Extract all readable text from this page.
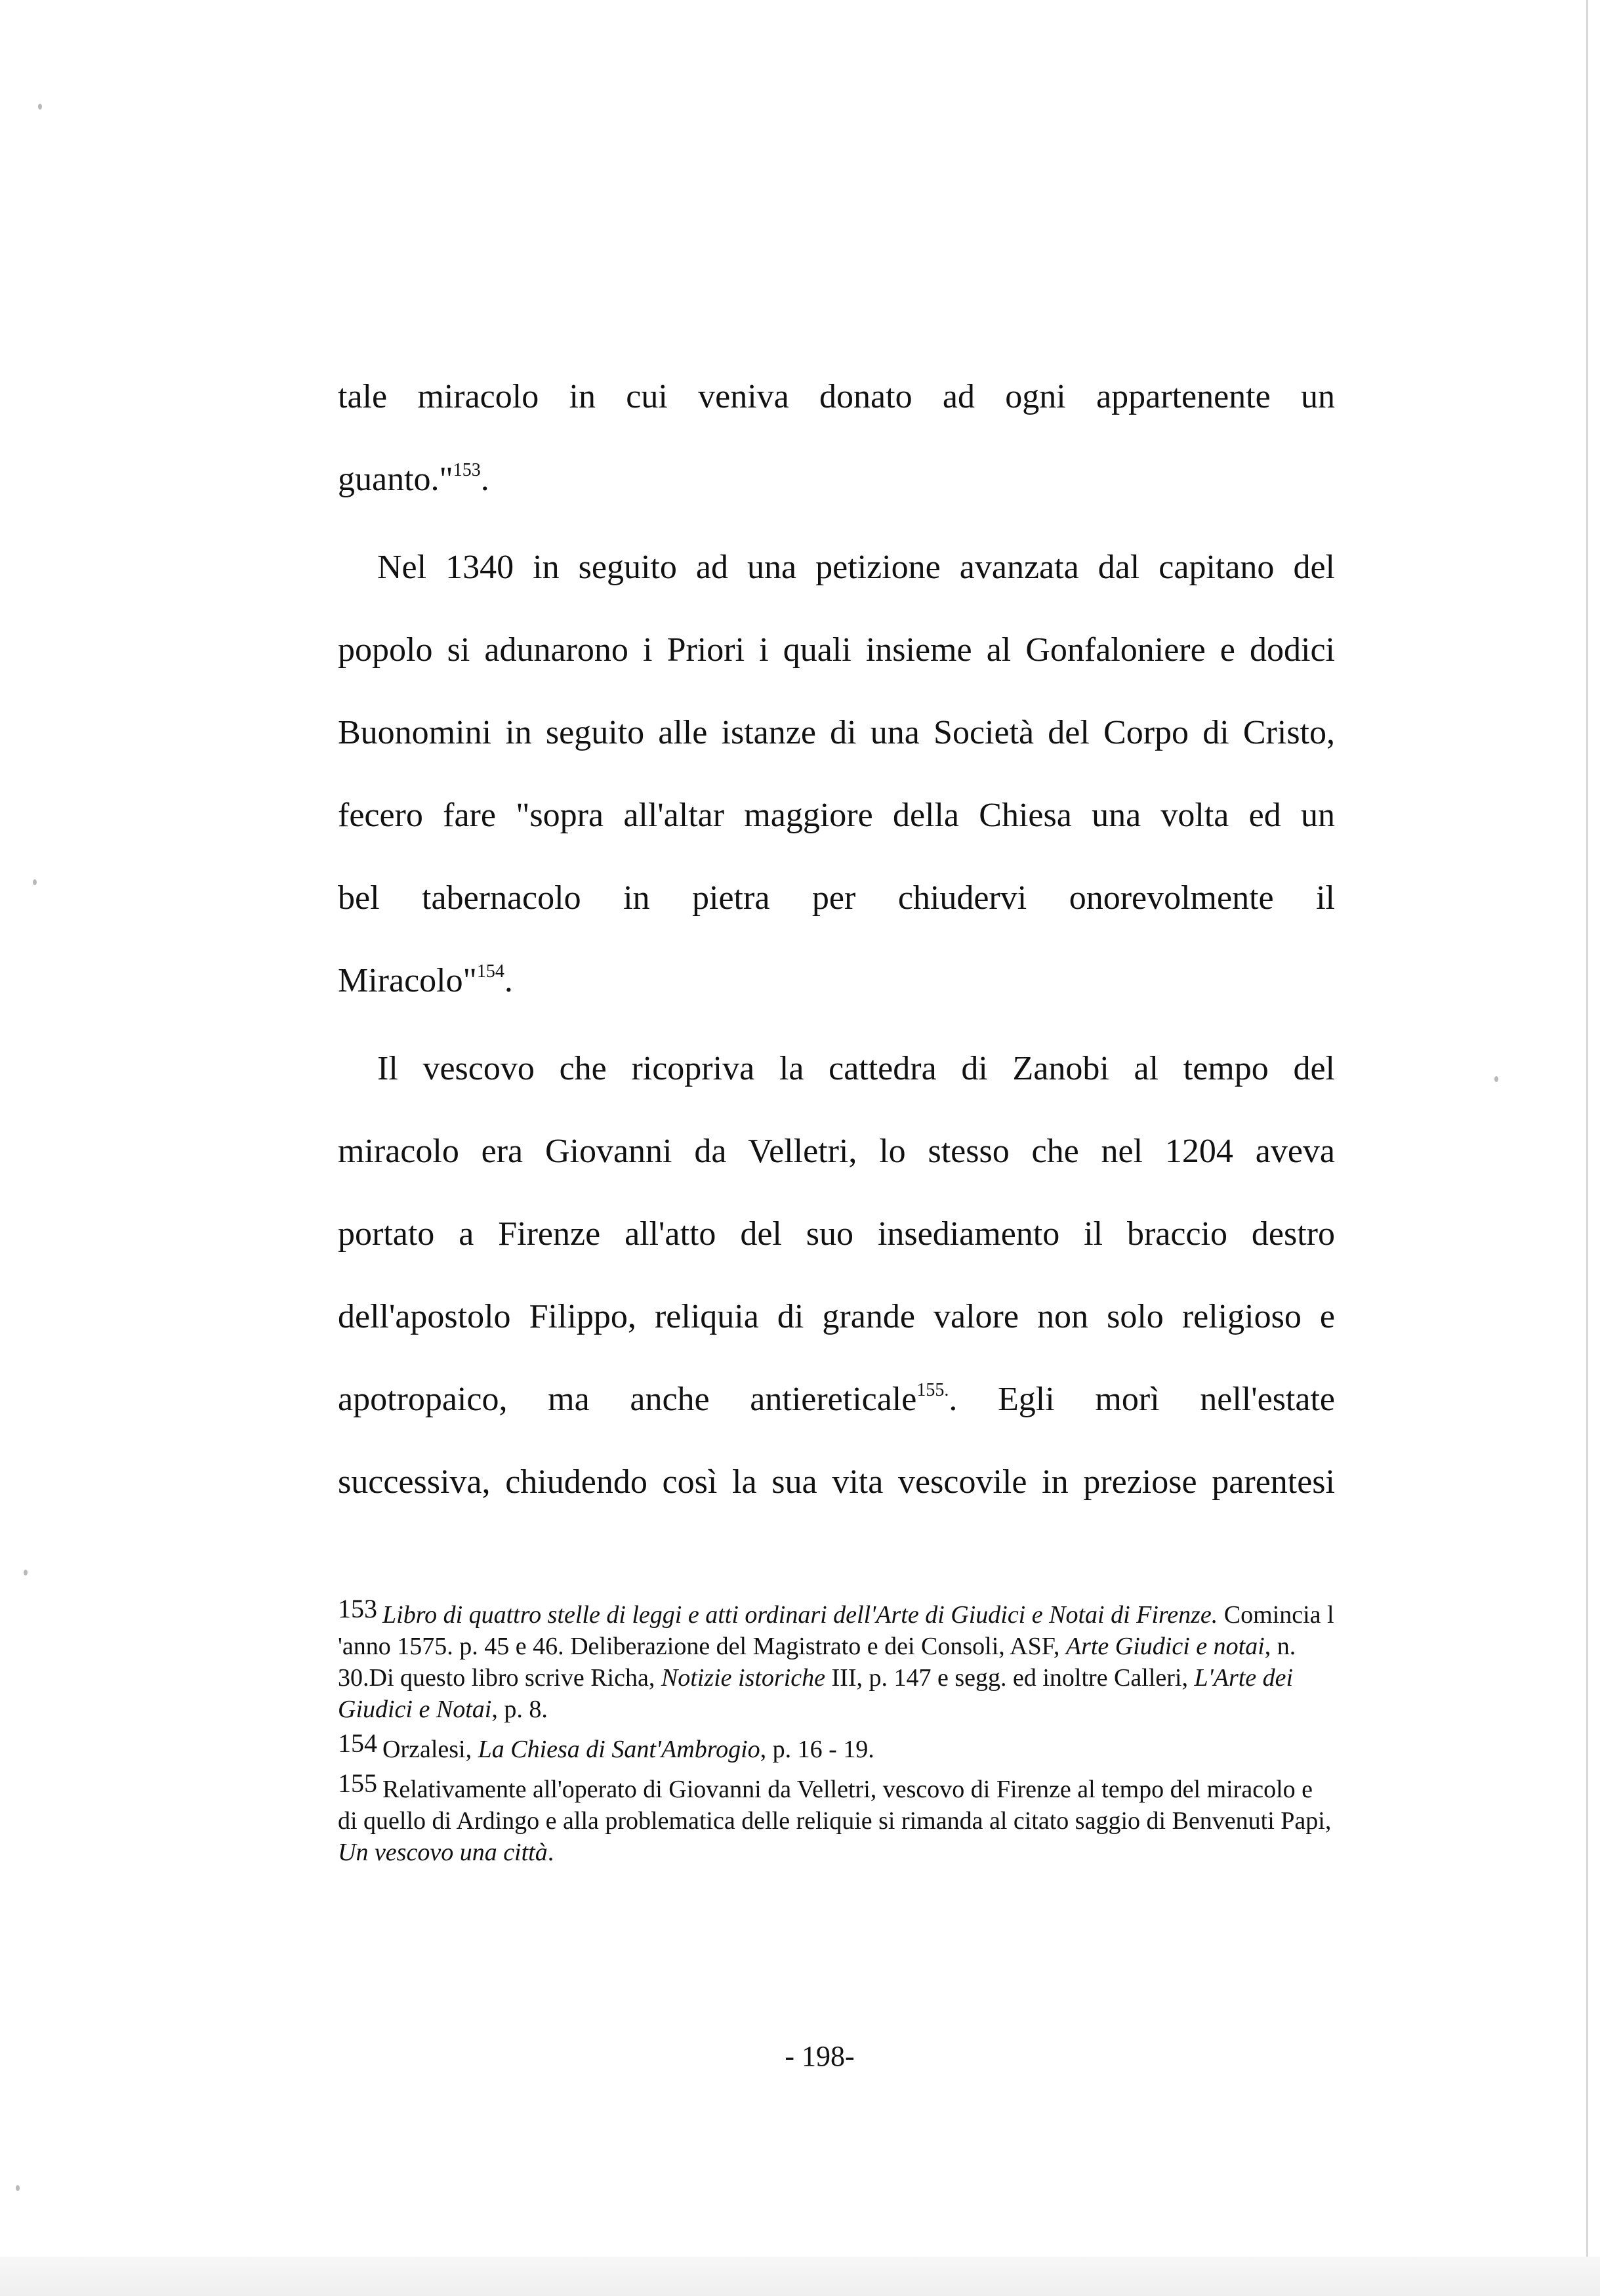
tale miracolo in cui veniva donato ad ogni appartenente un
guanto."$^{153}$.
Nel 1340 in seguito ad una petizione avanzata dal capitano del
popolo si adunarono i Priori i quali insieme al Gonfaloniere e dodici
Buonomini in seguito alle istanze di una Società del Corpo di Cristo,
fecero fare "sopra all'altar maggiore della Chiesa una volta ed un
bel tabernacolo in pietra per chiudervi onorevolmente il
Miracolo"$^{154}$.
Il vescovo che ricopriva la cattedra di Zanobi al tempo del
miracolo era Giovanni da Velletri, lo stesso che nel 1204 aveva
portato a Firenze all'atto del suo insediamento il braccio destro
dell'apostolo Filippo, reliquia di grande valore non solo religioso e
apotropaico, ma anche antiereticale$^{155.}$. Egli morì nell'estate
successiva, chiudendo così la sua vita vescovile in preziose parentesi

153 Libro di quattro stelle di leggi e atti ordinari dell'Arte di Giudici e Notai di Firenze. Comincia l 'anno 1575. p. 45 e 46. Deliberazione del Magistrato e dei Consoli, ASF, Arte Giudici e notai, n. 30.Di questo libro scrive Richa, Notizie istoriche III, p. 147 e segg. ed inoltre Calleri, L'Arte dei Giudici e Notai, p. 8.

154 Orzalesi, La Chiesa di Sant'Ambrogio, p. 16 - 19.

155 Relativamente all'operato di Giovanni da Velletri, vescovo di Firenze al tempo del miracolo e di quello di Ardingo e alla problematica delle reliquie si rimanda al citato saggio di Benvenuti Papi, Un vescovo una città.

- 198-
